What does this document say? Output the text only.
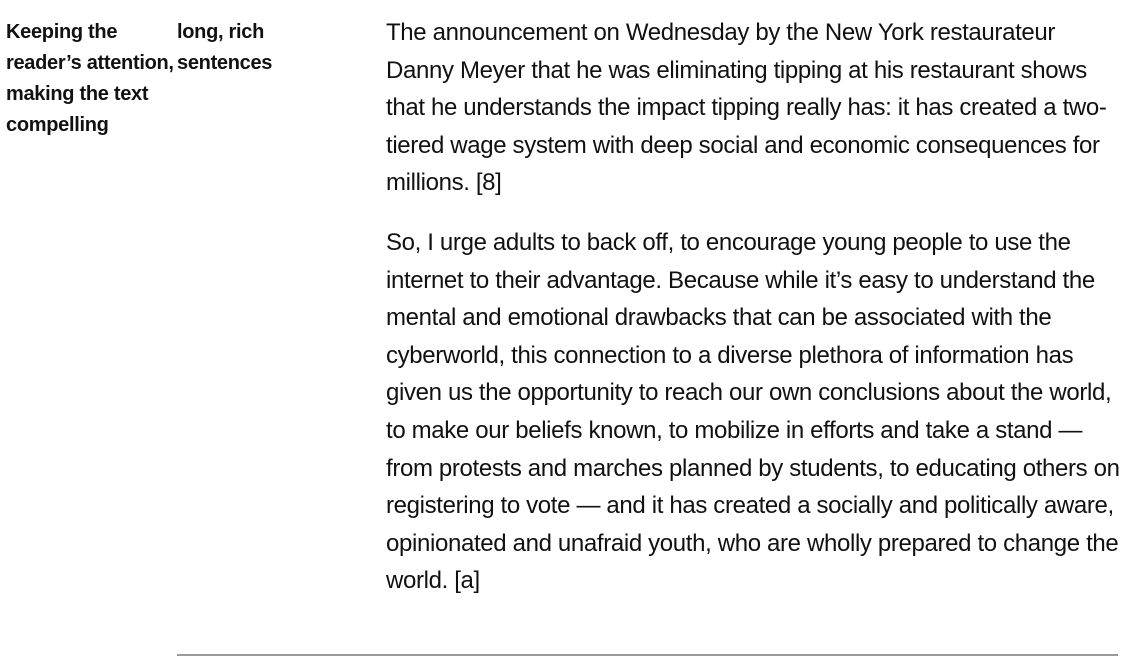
Keeping the reader’s attention, making the text compelling
long, rich sentences

The announcement on Wednesday by the New York restaurateur Danny Meyer that he was eliminating tipping at his restaurant shows that he understands the impact tipping really has: it has created a two-tiered wage system with deep social and economic consequences for millions. [8]

So, I urge adults to back off, to encourage young people to use the internet to their advantage. Because while it’s easy to understand the mental and emotional drawbacks that can be associated with the cyberworld, this connection to a diverse plethora of information has given us the opportunity to reach our own conclusions about the world, to make our beliefs known, to mobilize in efforts and take a stand — from protests and marches planned by students, to educating others on registering to vote — and it has created a socially and politically aware, opinionated and unafraid youth, who are wholly prepared to change the world. [a]
